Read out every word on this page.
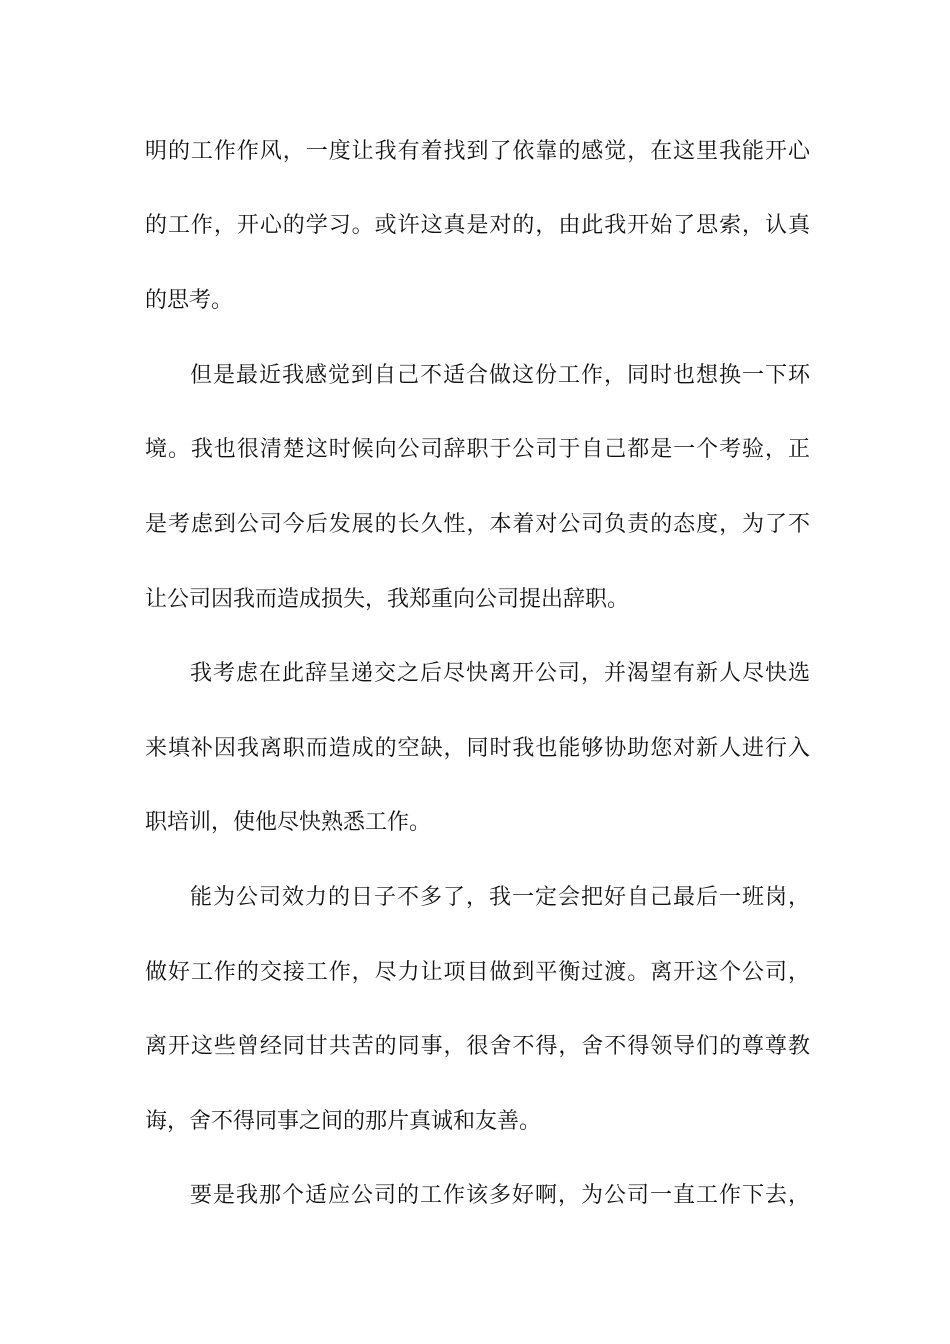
明的工作作风，一度让我有着找到了依靠的感觉，在这里我能开心
的工作，开心的学习。或许这真是对的，由此我开始了思索，认真
的思考。
但是最近我感觉到自己不适合做这份工作，同时也想换一下环
境。我也很清楚这时候向公司辞职于公司于自己都是一个考验，正
是考虑到公司今后发展的长久性，本着对公司负责的态度，为了不
让公司因我而造成损失，我郑重向公司提出辞职。
我考虑在此辞呈递交之后尽快离开公司，并渴望有新人尽快选
来填补因我离职而造成的空缺，同时我也能够协助您对新人进行入
职培训，使他尽快熟悉工作。
能为公司效力的日子不多了，我一定会把好自己最后一班岗，
做好工作的交接工作，尽力让项目做到平衡过渡。离开这个公司，
离开这些曾经同甘共苦的同事，很舍不得，舍不得领导们的尊尊教
诲，舍不得同事之间的那片真诚和友善。
要是我那个适应公司的工作该多好啊，为公司一直工作下去，
